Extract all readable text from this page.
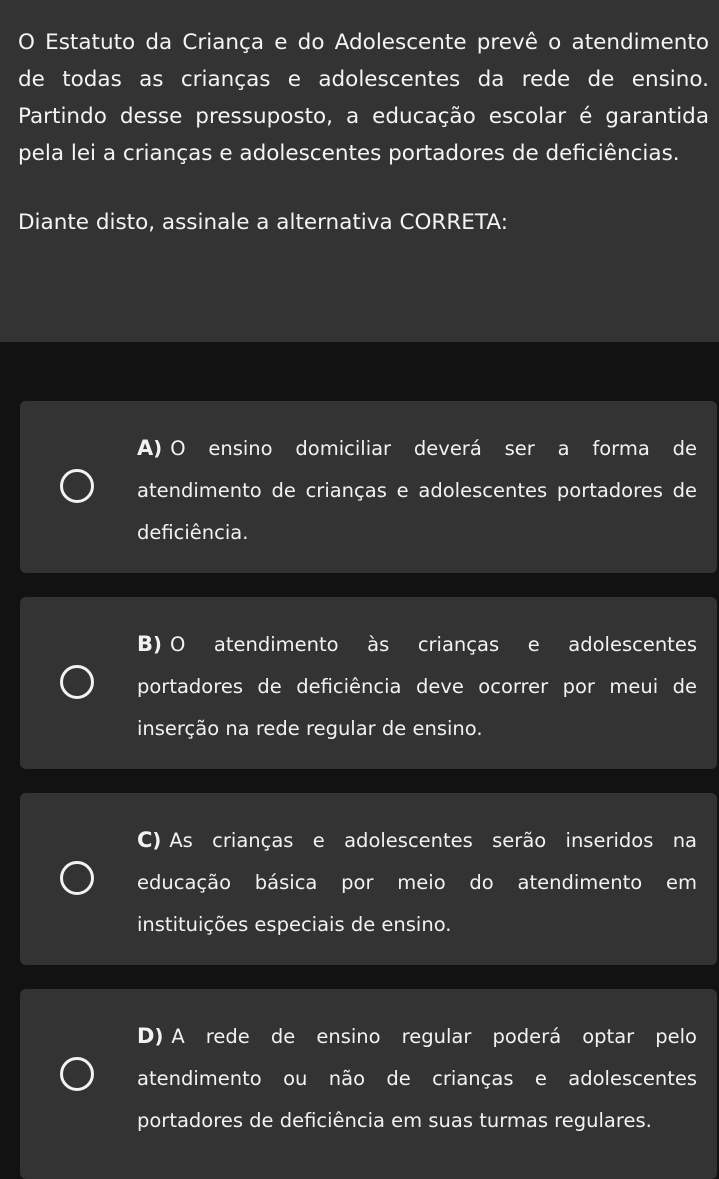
O Estatuto da Criança e do Adolescente prevê o atendimento de todas as crianças e adolescentes da rede de ensino. Partindo desse pressuposto, a educação escolar é garantida pela lei a crianças e adolescentes portadores de deficiências.

Diante disto, assinale a alternativa CORRETA:

A) O ensino domiciliar deverá ser a forma de atendimento de crianças e adolescentes portadores de deficiência.
B) O atendimento às crianças e adolescentes portadores de deficiência deve ocorrer por meui de inserção na rede regular de ensino.
C) As crianças e adolescentes serão inseridos na educação básica por meio do atendimento em instituições especiais de ensino.
D) A rede de ensino regular poderá optar pelo atendimento ou não de crianças e adolescentes portadores de deficiência em suas turmas regulares.
